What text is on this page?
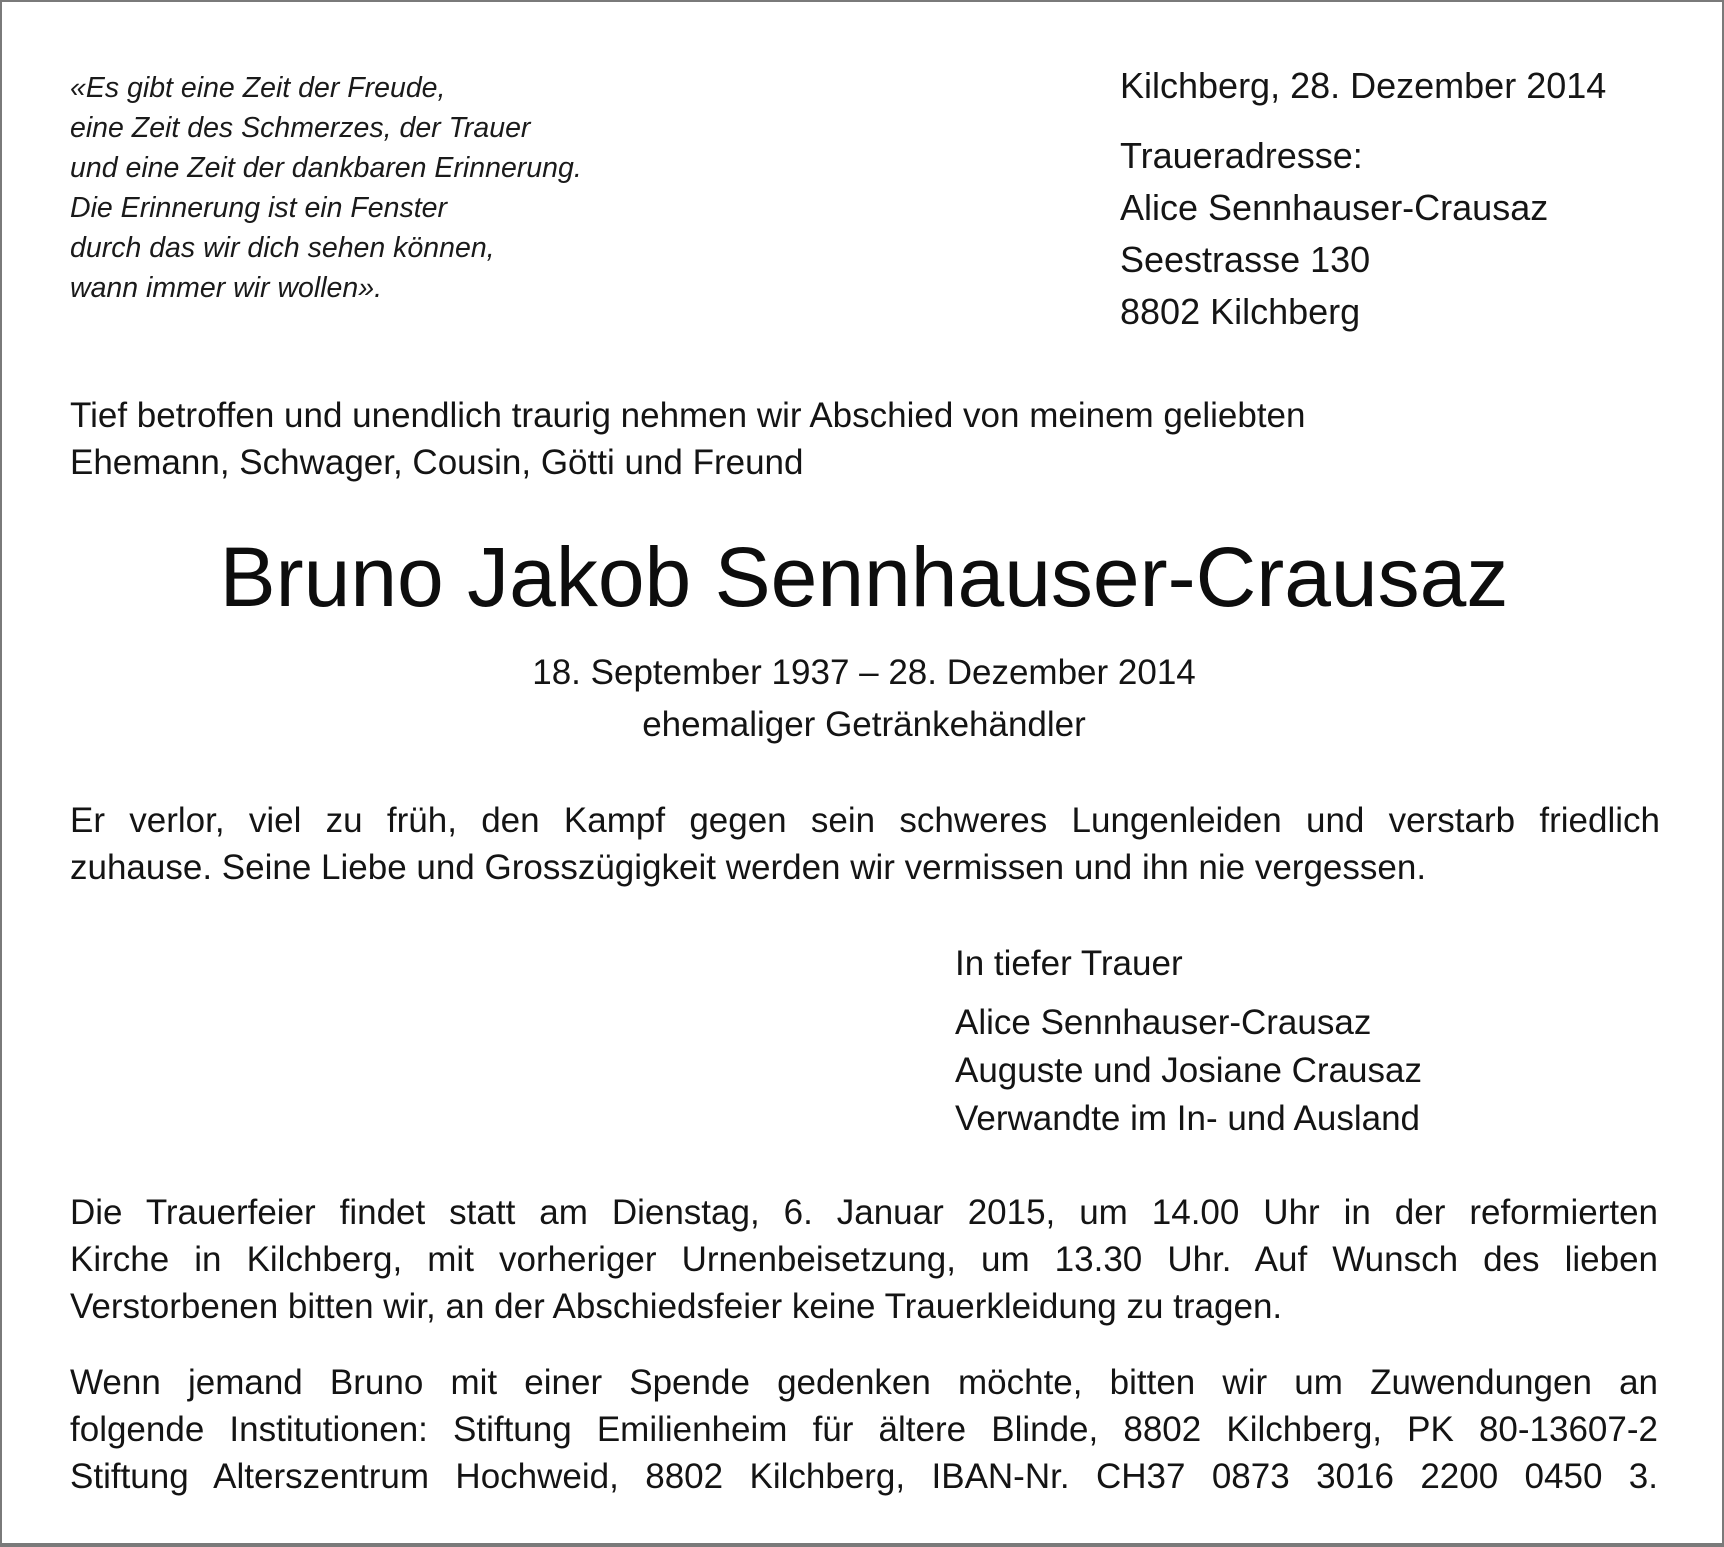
«Es gibt eine Zeit der Freude,
eine Zeit des Schmerzes, der Trauer
und eine Zeit der dankbaren Erinnerung.
Die Erinnerung ist ein Fenster
durch das wir dich sehen können,
wann immer wir wollen».
Kilchberg, 28. Dezember 2014
Traueradresse:
Alice Sennhauser-Crausaz
Seestrasse 130
8802 Kilchberg
Tief betroffen und unendlich traurig nehmen wir Abschied von meinem geliebten
Ehemann, Schwager, Cousin, Götti und Freund
Bruno Jakob Sennhauser-Crausaz
18. September 1937 – 28. Dezember 2014
ehemaliger Getränkehändler
Er verlor, viel zu früh, den Kampf gegen sein schweres Lungenleiden und verstarb friedlich
zuhause. Seine Liebe und Grosszügigkeit werden wir vermissen und ihn nie vergessen.
In tiefer Trauer
Alice Sennhauser-Crausaz
Auguste und Josiane Crausaz
Verwandte im In- und Ausland
Die Trauerfeier findet statt am Dienstag, 6. Januar 2015, um 14.00 Uhr in der reformierten
Kirche in Kilchberg, mit vorheriger Urnenbeisetzung, um 13.30 Uhr. Auf Wunsch des lieben
Verstorbenen bitten wir, an der Abschiedsfeier keine Trauerkleidung zu tragen.
Wenn jemand Bruno mit einer Spende gedenken möchte, bitten wir um Zuwendungen an
folgende Institutionen: Stiftung Emilienheim für ältere Blinde, 8802 Kilchberg, PK 80-13607-2
Stiftung Alterszentrum Hochweid, 8802 Kilchberg, IBAN-Nr. CH37 0873 3016 2200 0450 3.
